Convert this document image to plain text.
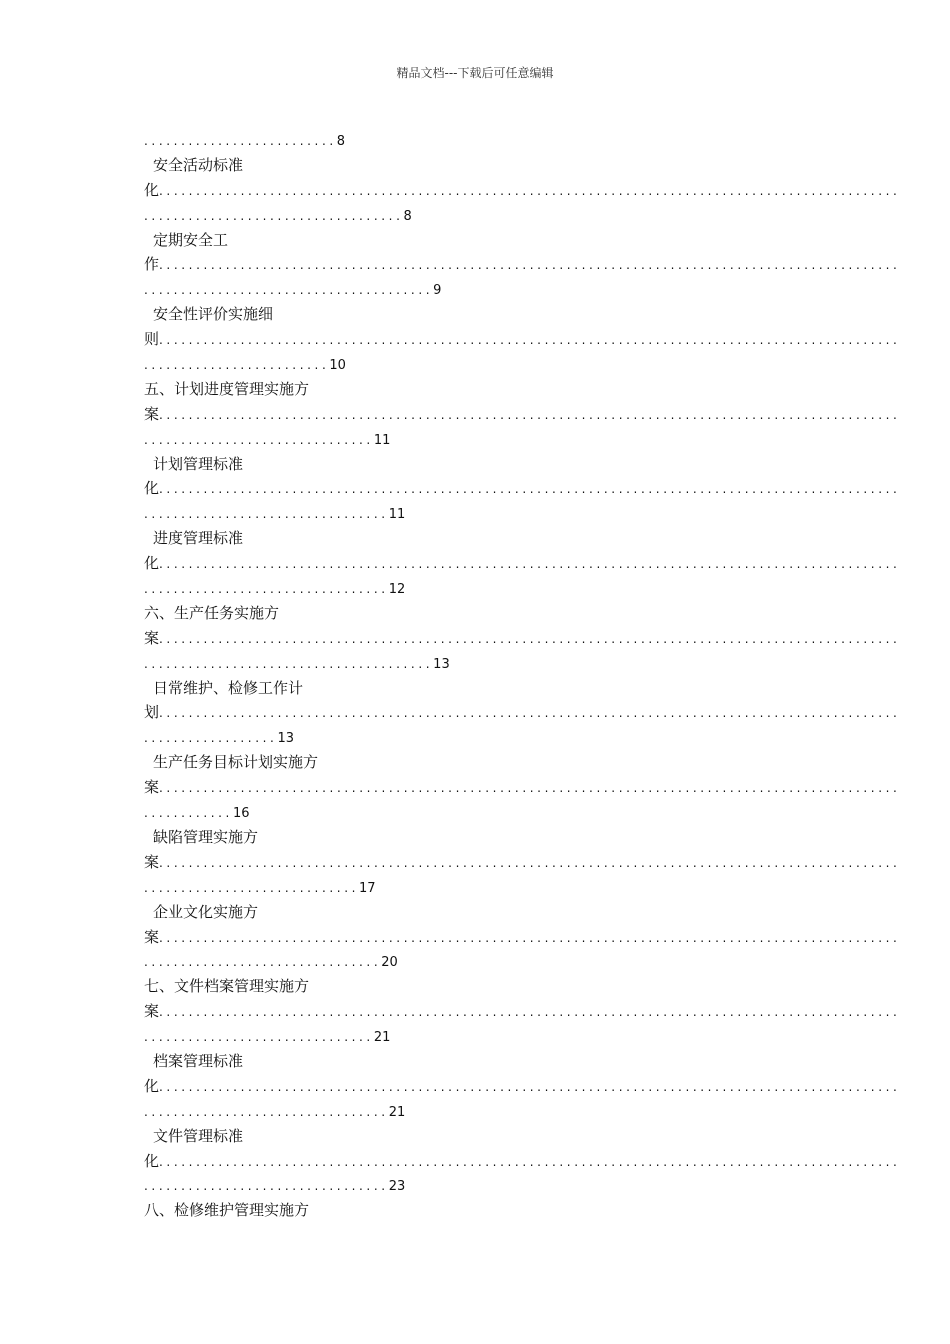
精品文档---下载后可任意编辑
..........................8
安全活动标准
化....................................................................................................
...................................8
定期安全工
作....................................................................................................
.......................................9
安全性评价实施细
则....................................................................................................
.........................10
五、计划进度管理实施方
案....................................................................................................
...............................11
计划管理标准
化....................................................................................................
.................................11
进度管理标准
化....................................................................................................
.................................12
六、生产任务实施方
案....................................................................................................
.......................................13
日常维护、检修工作计
划....................................................................................................
..................13
生产任务目标计划实施方
案....................................................................................................
............16
缺陷管理实施方
案....................................................................................................
.............................17
企业文化实施方
案....................................................................................................
................................20
七、文件档案管理实施方
案....................................................................................................
...............................21
档案管理标准
化....................................................................................................
.................................21
文件管理标准
化....................................................................................................
.................................23
八、检修维护管理实施方
